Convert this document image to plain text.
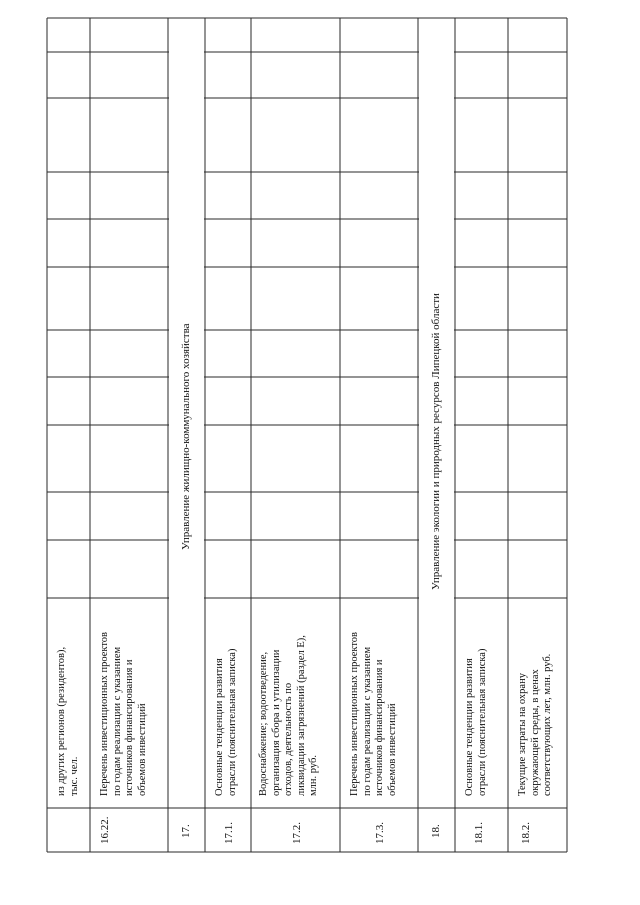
из других регионов (резидентов), тыс. чел.
16.22.
Перечень инвестиционных проектов по годам реализации с указанием источников финансирования и объемов инвестиций
17.
Управление жилищно-коммунального хозяйства
17.1.
Основные тенденции развития отрасли (пояснительная записка)
17.2.
Водоснабжение; водоотведение, организация сбора и утилизации отходов, деятельность по ликвидации загрязнений (раздел Е), млн. руб.
17.3.
Перечень инвестиционных проектов по годам реализации с указанием источников финансирования и объемов инвестиций
18.
Управление экологии и природных ресурсов Липецкой области
18.1.
Основные тенденции развития отрасли (пояснительная записка)
18.2.
Текущие затраты на охрану окружающей среды, в ценах соответствующих лет, млн. руб.
